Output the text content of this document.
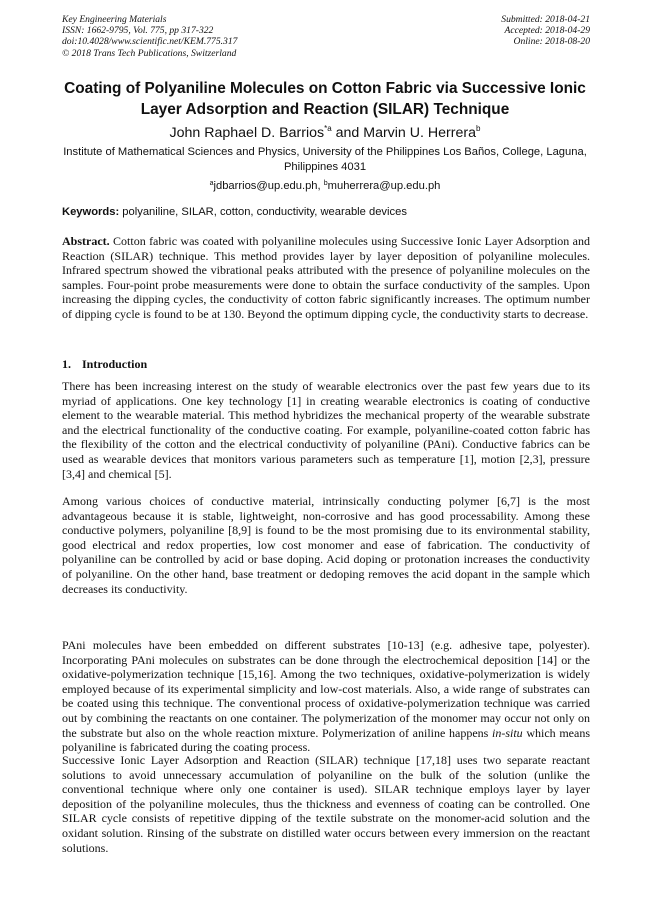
Key Engineering Materials
ISSN: 1662-9795, Vol. 775, pp 317-322
doi:10.4028/www.scientific.net/KEM.775.317
© 2018 Trans Tech Publications, Switzerland
Submitted: 2018-04-21
Accepted: 2018-04-29
Online: 2018-08-20
Coating of Polyaniline Molecules on Cotton Fabric via Successive Ionic Layer Adsorption and Reaction (SILAR) Technique
John Raphael D. Barrios$^{*a}$ and Marvin U. Herrera$^b$
Institute of Mathematical Sciences and Physics, University of the Philippines Los Baños, College, Laguna, Philippines 4031
$^a$jdbarrios@up.edu.ph, $^b$muherrera@up.edu.ph
Keywords: polyaniline, SILAR, cotton, conductivity, wearable devices

Abstract. Cotton fabric was coated with polyaniline molecules using Successive Ionic Layer Adsorption and Reaction (SILAR) technique. This method provides layer by layer deposition of polyaniline molecules. Infrared spectrum showed the vibrational peaks attributed with the presence of polyaniline molecules on the samples. Four-point probe measurements were done to obtain the surface conductivity of the samples. Upon increasing the dipping cycles, the conductivity of cotton fabric significantly increases. The optimum number of dipping cycle is found to be at 130. Beyond the optimum dipping cycle, the conductivity starts to decrease.

1. Introduction

There has been increasing interest on the study of wearable electronics over the past few years due to its myriad of applications. One key technology [1] in creating wearable electronics is coating of conductive element to the wearable material. This method hybridizes the mechanical property of the wearable substrate and the electrical functionality of the conductive coating. For example, polyaniline-coated cotton fabric has the flexibility of the cotton and the electrical conductivity of polyaniline (PAni). Conductive fabrics can be used as wearable devices that monitors various parameters such as temperature [1], motion [2,3], pressure [3,4] and chemical [5].

Among various choices of conductive material, intrinsically conducting polymer [6,7] is the most advantageous because it is stable, lightweight, non-corrosive and has good processability. Among these conductive polymers, polyaniline [8,9] is found to be the most promising due to its environmental stability, good electrical and redox properties, low cost monomer and ease of fabrication. The conductivity of polyaniline can be controlled by acid or base doping. Acid doping or protonation increases the conductivity of polyaniline. On the other hand, base treatment or dedoping removes the acid dopant in the sample which decreases its conductivity.

PAni molecules have been embedded on different substrates [10-13] (e.g. adhesive tape, polyester). Incorporating PAni molecules on substrates can be done through the electrochemical deposition [14] or the oxidative-polymerization technique [15,16]. Among the two techniques, oxidative-polymerization is widely employed because of its experimental simplicity and low-cost materials. Also, a wide range of substrates can be coated using this technique. The conventional process of oxidative-polymerization technique was carried out by combining the reactants on one container. The polymerization of the monomer may occur not only on the substrate but also on the whole reaction mixture. Polymerization of aniline happens in-situ which means polyaniline is fabricated during the coating process.

Successive Ionic Layer Adsorption and Reaction (SILAR) technique [17,18] uses two separate reactant solutions to avoid unnecessary accumulation of polyaniline on the bulk of the solution (unlike the conventional technique where only one container is used). SILAR technique employs layer by layer deposition of the polyaniline molecules, thus the thickness and evenness of coating can be controlled. One SILAR cycle consists of repetitive dipping of the textile substrate on the monomer-acid solution and the oxidant solution. Rinsing of the substrate on distilled water occurs between every immersion on the reactant solutions.
